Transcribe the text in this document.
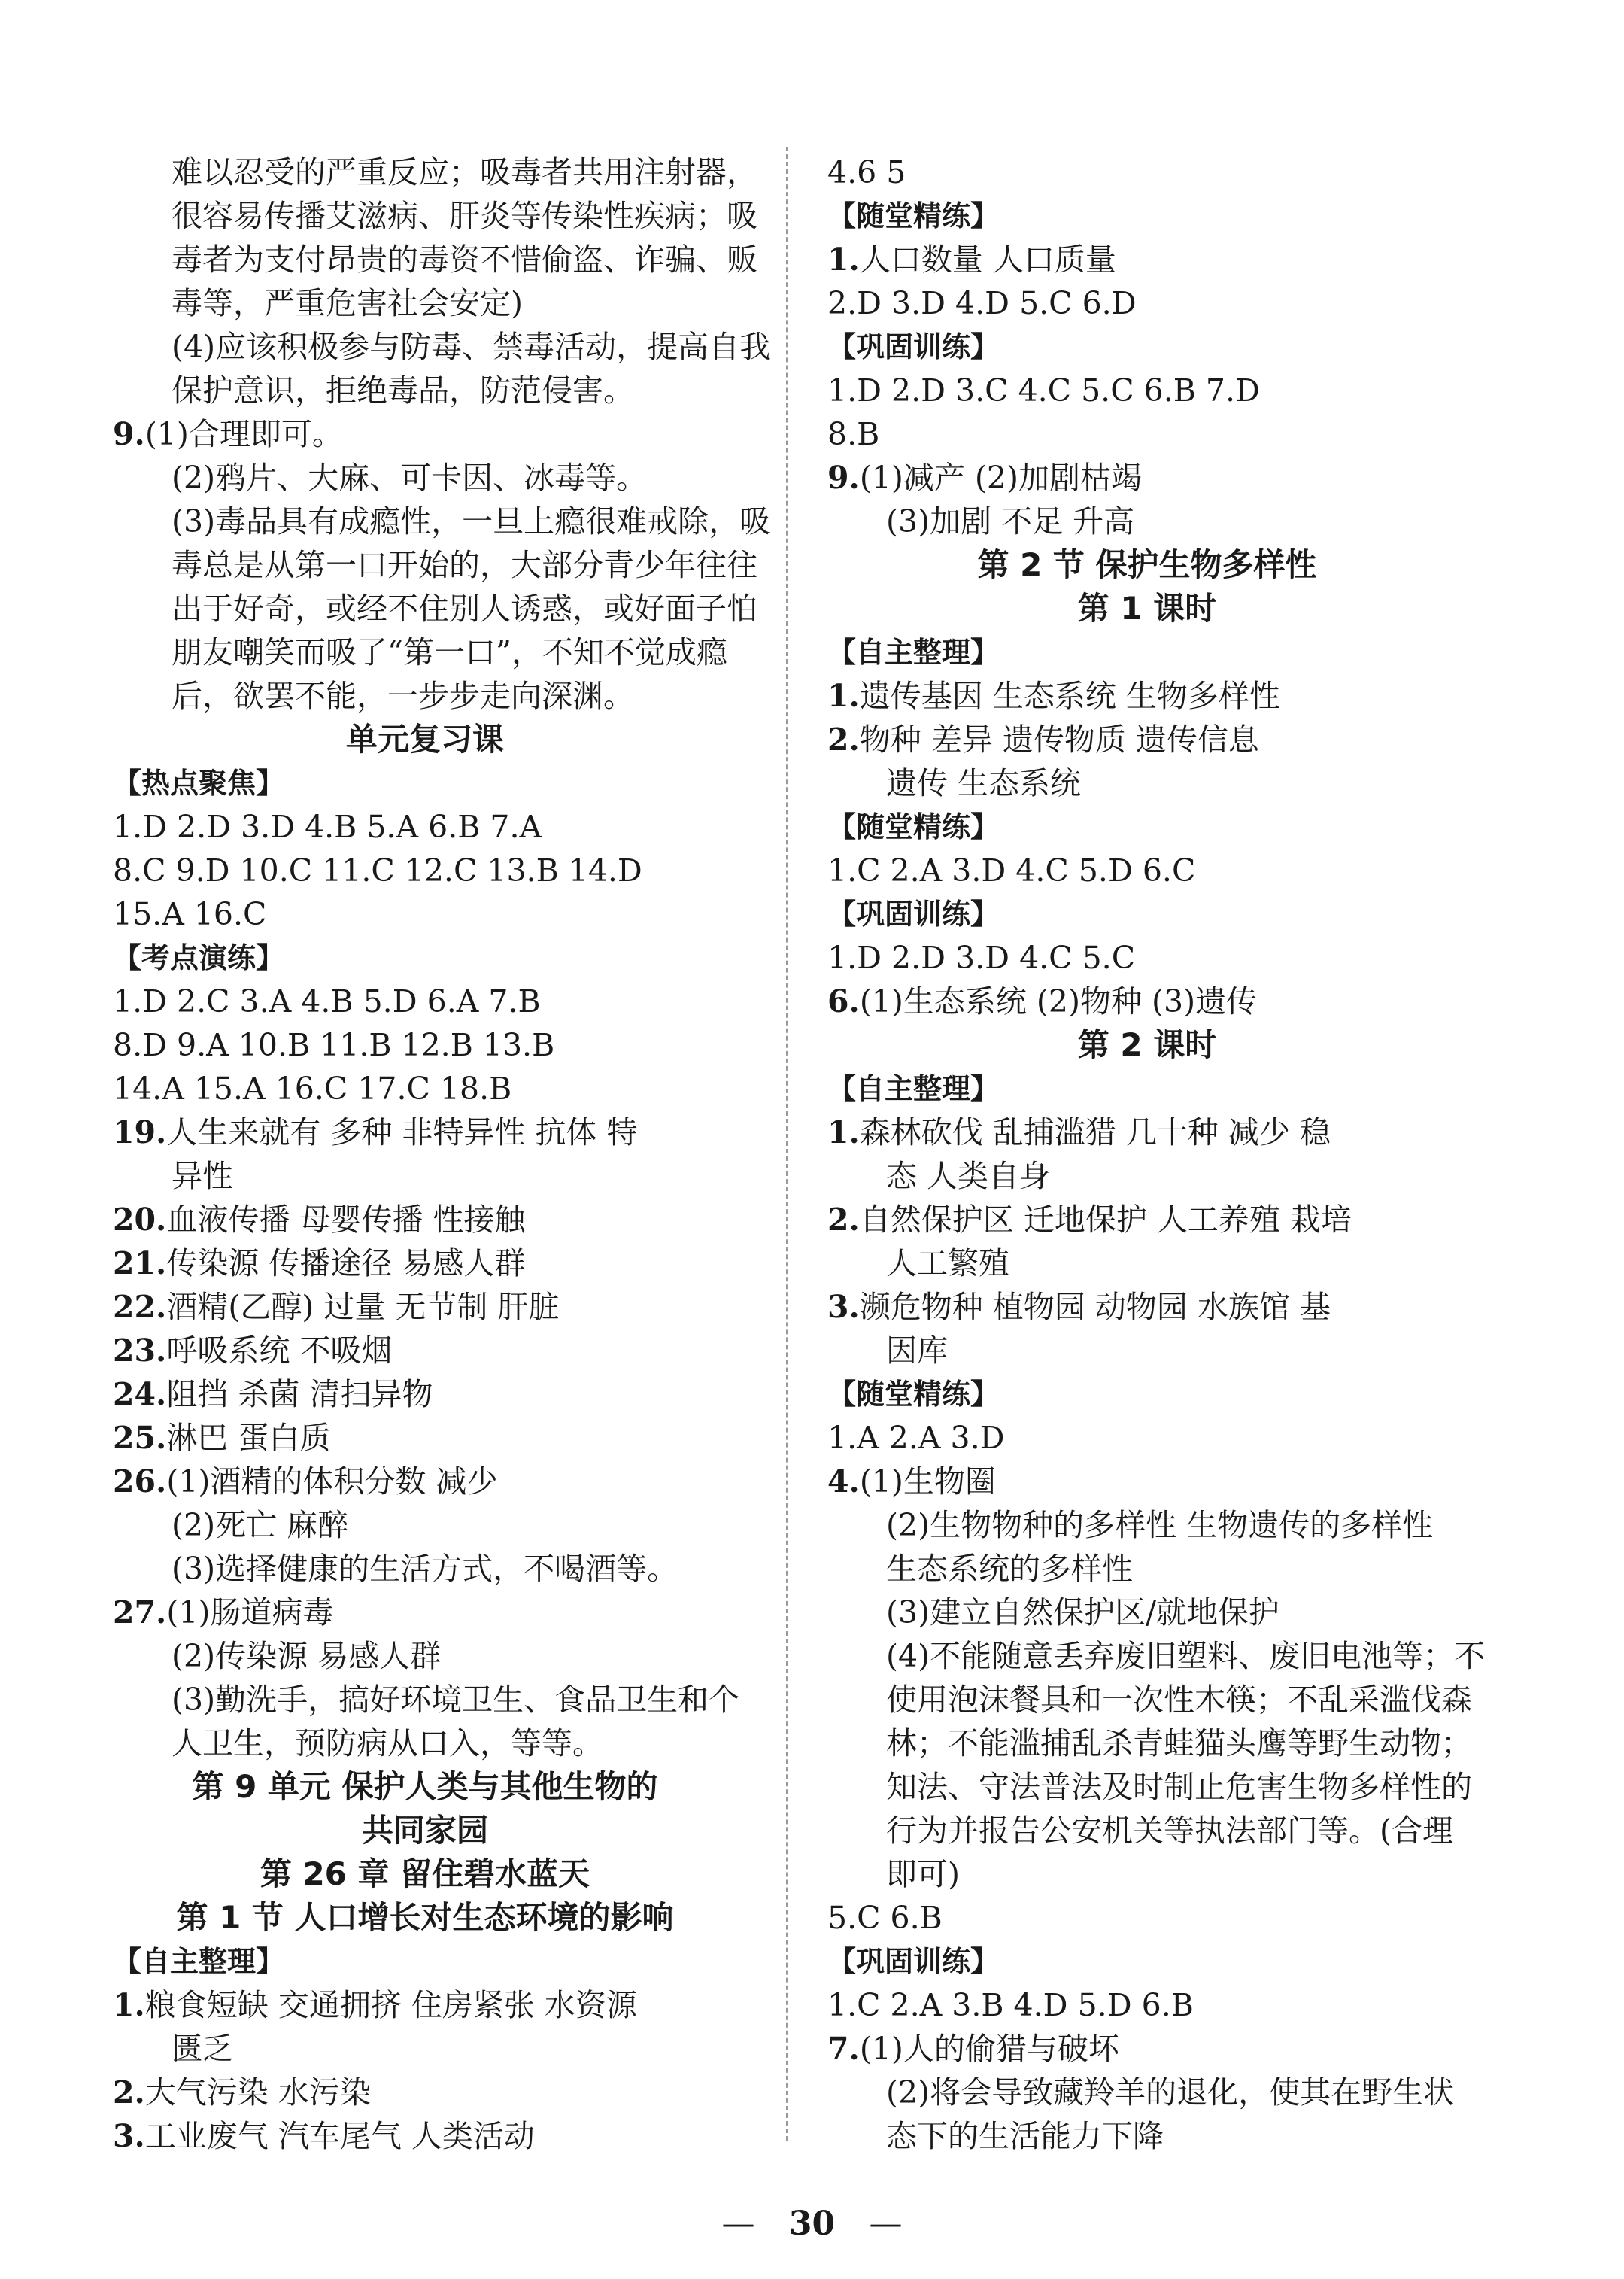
难以忍受的严重反应；吸毒者共用注射器，
很容易传播艾滋病、肝炎等传染性疾病；吸
毒者为支付昂贵的毒资不惜偷盗、诈骗、贩
毒等，严重危害社会安定)
(4)应该积极参与防毒、禁毒活动，提高自我
保护意识，拒绝毒品，防范侵害。
9.(1)合理即可。
(2)鸦片、大麻、可卡因、冰毒等。
(3)毒品具有成瘾性，一旦上瘾很难戒除，吸
毒总是从第一口开始的，大部分青少年往往
出于好奇，或经不住别人诱惑，或好面子怕
朋友嘲笑而吸了“第一口”，不知不觉成瘾
后，欲罢不能，一步步走向深渊。
单元复习课
【热点聚焦】
1.D 2.D 3.D 4.B 5.A 6.B 7.A
8.C 9.D 10.C 11.C 12.C 13.B 14.D
15.A 16.C
【考点演练】
1.D 2.C 3.A 4.B 5.D 6.A 7.B
8.D 9.A 10.B 11.B 12.B 13.B
14.A 15.A 16.C 17.C 18.B
19.人生来就有 多种 非特异性 抗体 特
异性
20.血液传播 母婴传播 性接触
21.传染源 传播途径 易感人群
22.酒精(乙醇) 过量 无节制 肝脏
23.呼吸系统 不吸烟
24.阻挡 杀菌 清扫异物
25.淋巴 蛋白质
26.(1)酒精的体积分数 减少
(2)死亡 麻醉
(3)选择健康的生活方式，不喝酒等。
27.(1)肠道病毒
(2)传染源 易感人群
(3)勤洗手，搞好环境卫生、食品卫生和个
人卫生，预防病从口入，等等。
第 9 单元 保护人类与其他生物的
共同家园
第 26 章 留住碧水蓝天
第 1 节 人口增长对生态环境的影响
【自主整理】
1.粮食短缺 交通拥挤 住房紧张 水资源
匮乏
2.大气污染 水污染
3.工业废气 汽车尾气 人类活动
4.6 5
【随堂精练】
1.人口数量 人口质量
2.D 3.D 4.D 5.C 6.D
【巩固训练】
1.D 2.D 3.C 4.C 5.C 6.B 7.D
8.B
9.(1)减产 (2)加剧枯竭
(3)加剧 不足 升高
第 2 节 保护生物多样性
第 1 课时
【自主整理】
1.遗传基因 生态系统 生物多样性
2.物种 差异 遗传物质 遗传信息
遗传 生态系统
【随堂精练】
1.C 2.A 3.D 4.C 5.D 6.C
【巩固训练】
1.D 2.D 3.D 4.C 5.C
6.(1)生态系统 (2)物种 (3)遗传
第 2 课时
【自主整理】
1.森林砍伐 乱捕滥猎 几十种 减少 稳
态 人类自身
2.自然保护区 迁地保护 人工养殖 栽培
人工繁殖
3.濒危物种 植物园 动物园 水族馆 基
因库
【随堂精练】
1.A 2.A 3.D
4.(1)生物圈
(2)生物物种的多样性 生物遗传的多样性
生态系统的多样性
(3)建立自然保护区/就地保护
(4)不能随意丢弃废旧塑料、废旧电池等；不
使用泡沫餐具和一次性木筷；不乱采滥伐森
林；不能滥捕乱杀青蛙猫头鹰等野生动物；
知法、守法普法及时制止危害生物多样性的
行为并报告公安机关等执法部门等。(合理
即可)
5.C 6.B
【巩固训练】
1.C 2.A 3.B 4.D 5.D 6.B
7.(1)人的偷猎与破坏
(2)将会导致藏羚羊的退化，使其在野生状
态下的生活能力下降
— 30 —
